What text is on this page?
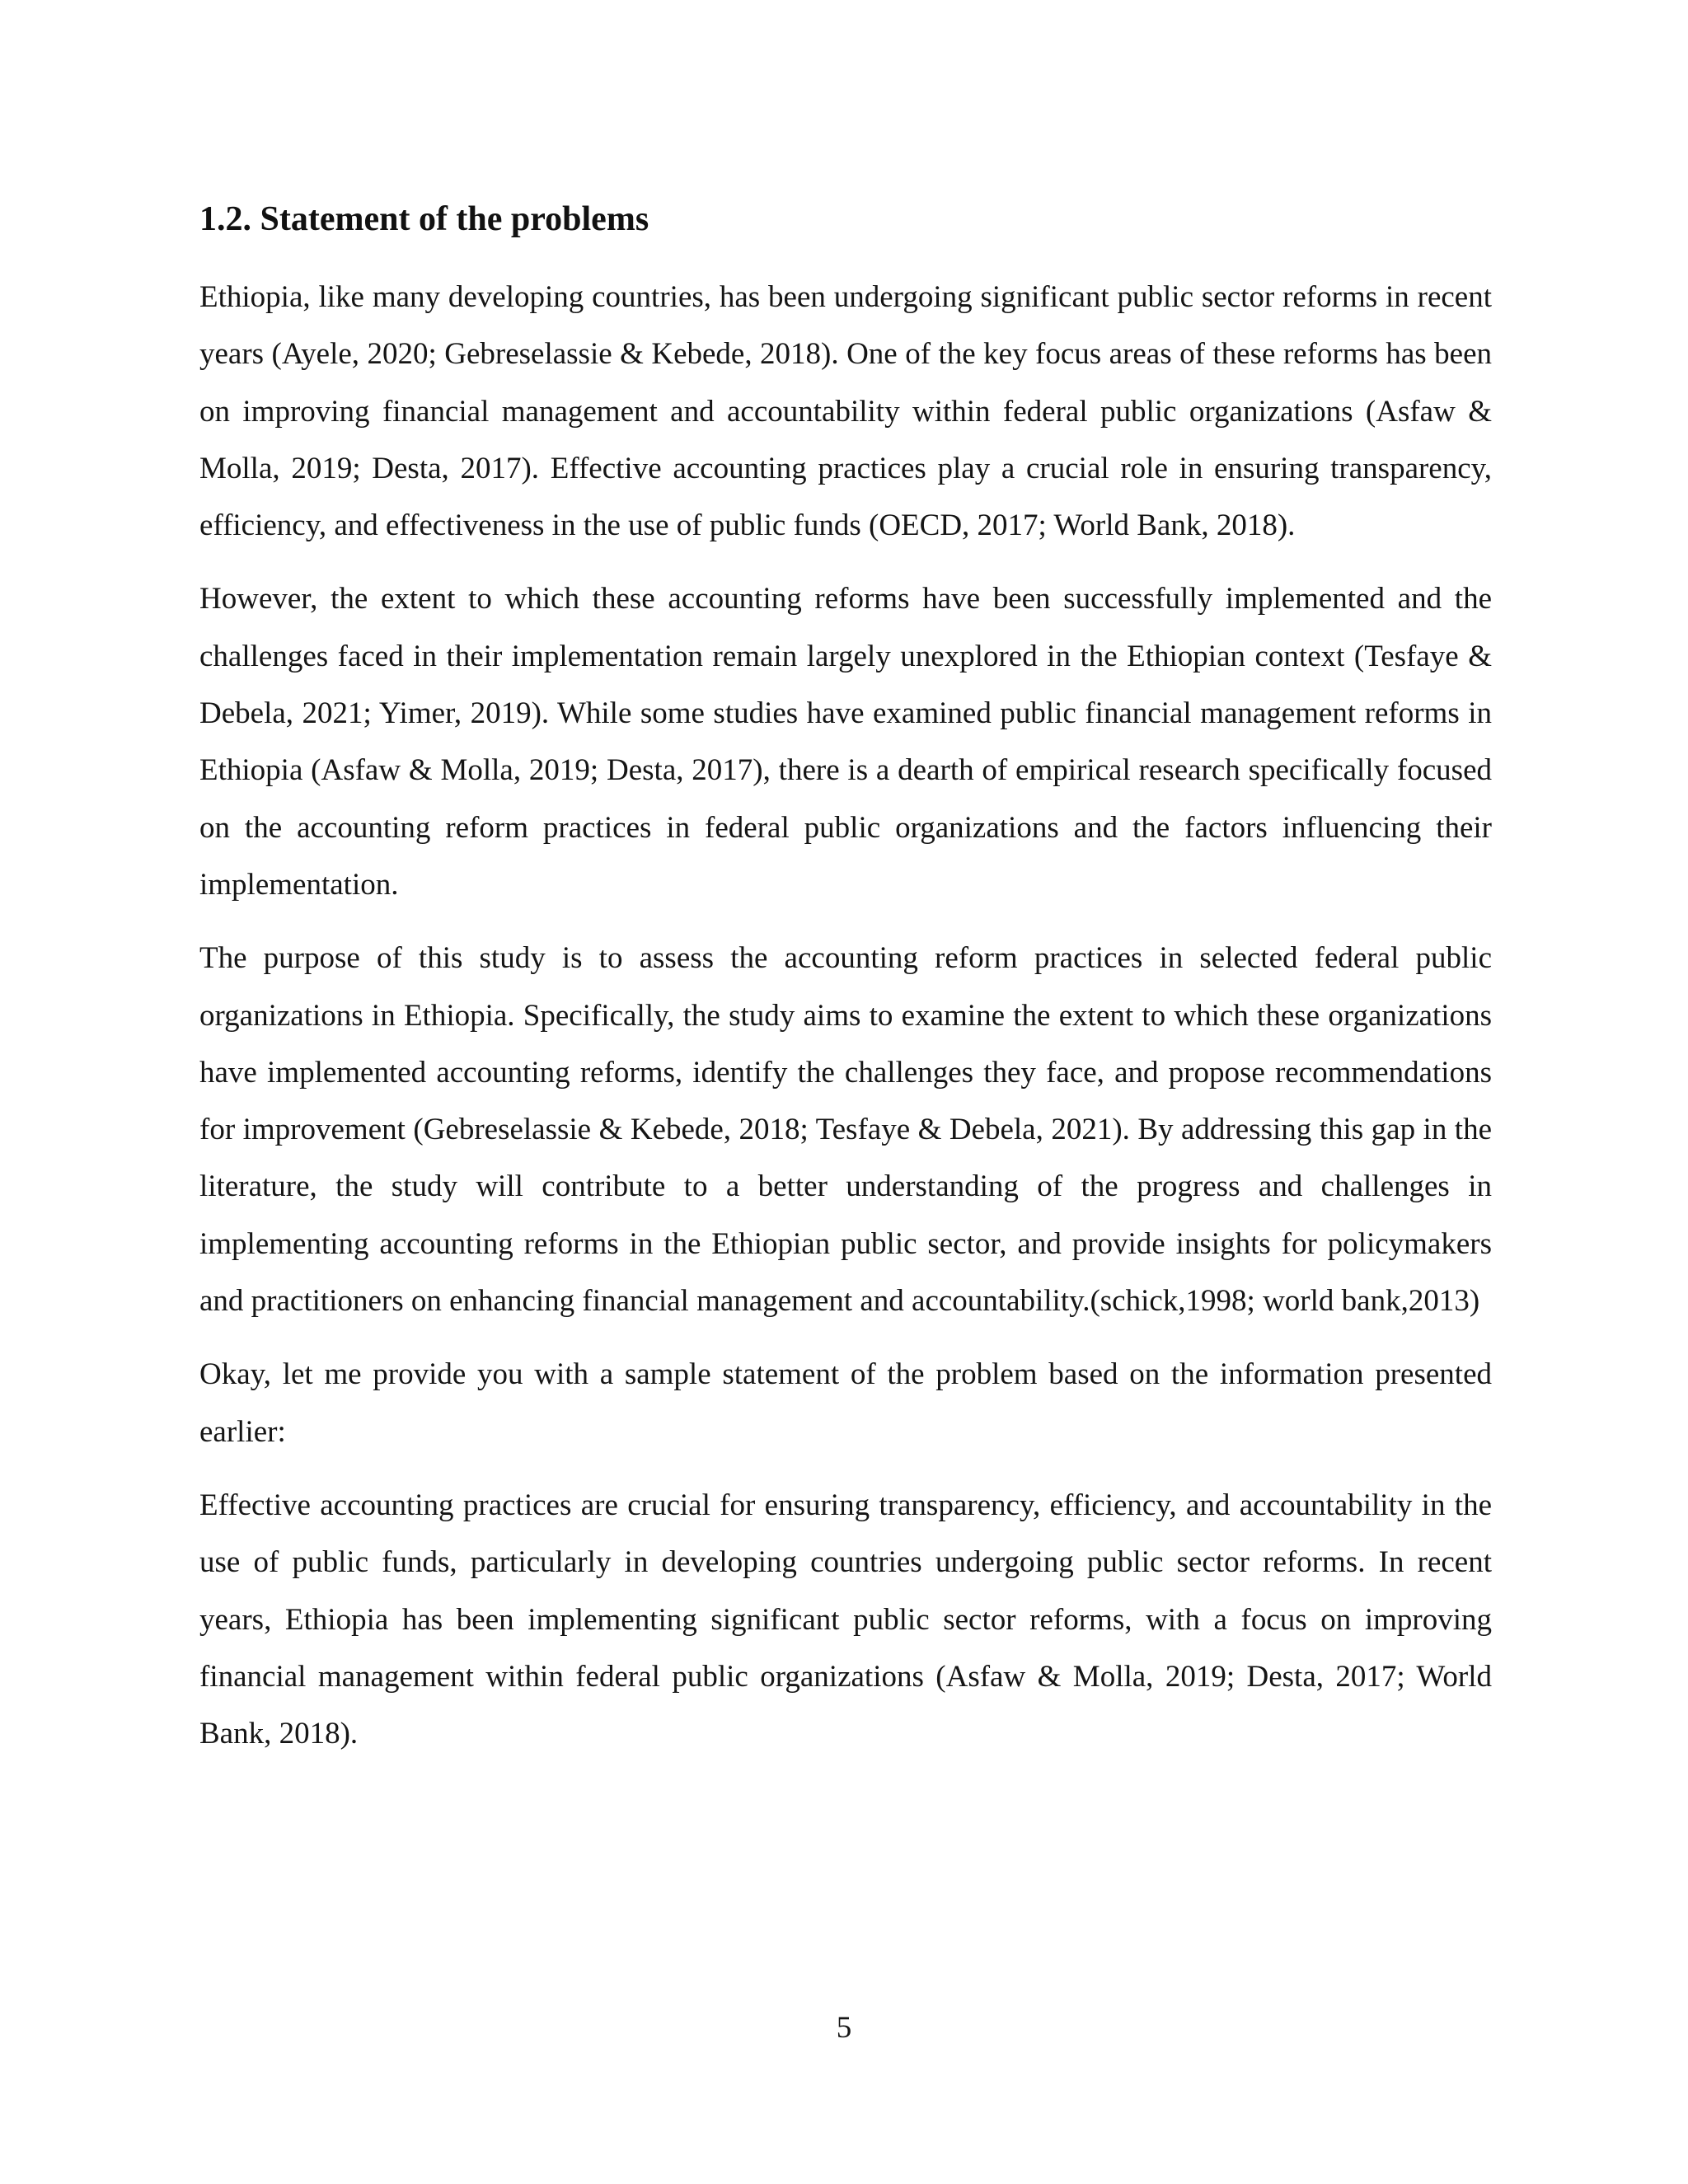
1.2. Statement of the problems

Ethiopia, like many developing countries, has been undergoing significant public sector reforms in recent years (Ayele, 2020; Gebreselassie & Kebede, 2018). One of the key focus areas of these reforms has been on improving financial management and accountability within federal public organizations (Asfaw & Molla, 2019; Desta, 2017). Effective accounting practices play a crucial role in ensuring transparency, efficiency, and effectiveness in the use of public funds (OECD, 2017; World Bank, 2018).

However, the extent to which these accounting reforms have been successfully implemented and the challenges faced in their implementation remain largely unexplored in the Ethiopian context (Tesfaye & Debela, 2021; Yimer, 2019). While some studies have examined public financial management reforms in Ethiopia (Asfaw & Molla, 2019; Desta, 2017), there is a dearth of empirical research specifically focused on the accounting reform practices in federal public organizations and the factors influencing their implementation.

The purpose of this study is to assess the accounting reform practices in selected federal public organizations in Ethiopia. Specifically, the study aims to examine the extent to which these organizations have implemented accounting reforms, identify the challenges they face, and propose recommendations for improvement (Gebreselassie & Kebede, 2018; Tesfaye & Debela, 2021). By addressing this gap in the literature, the study will contribute to a better understanding of the progress and challenges in implementing accounting reforms in the Ethiopian public sector, and provide insights for policymakers and practitioners on enhancing financial management and accountability.(schick,1998; world bank,2013)

Okay, let me provide you with a sample statement of the problem based on the information presented earlier:

Effective accounting practices are crucial for ensuring transparency, efficiency, and accountability in the use of public funds, particularly in developing countries undergoing public sector reforms. In recent years, Ethiopia has been implementing significant public sector reforms, with a focus on improving financial management within federal public organizations (Asfaw & Molla, 2019; Desta, 2017; World Bank, 2018).

5
